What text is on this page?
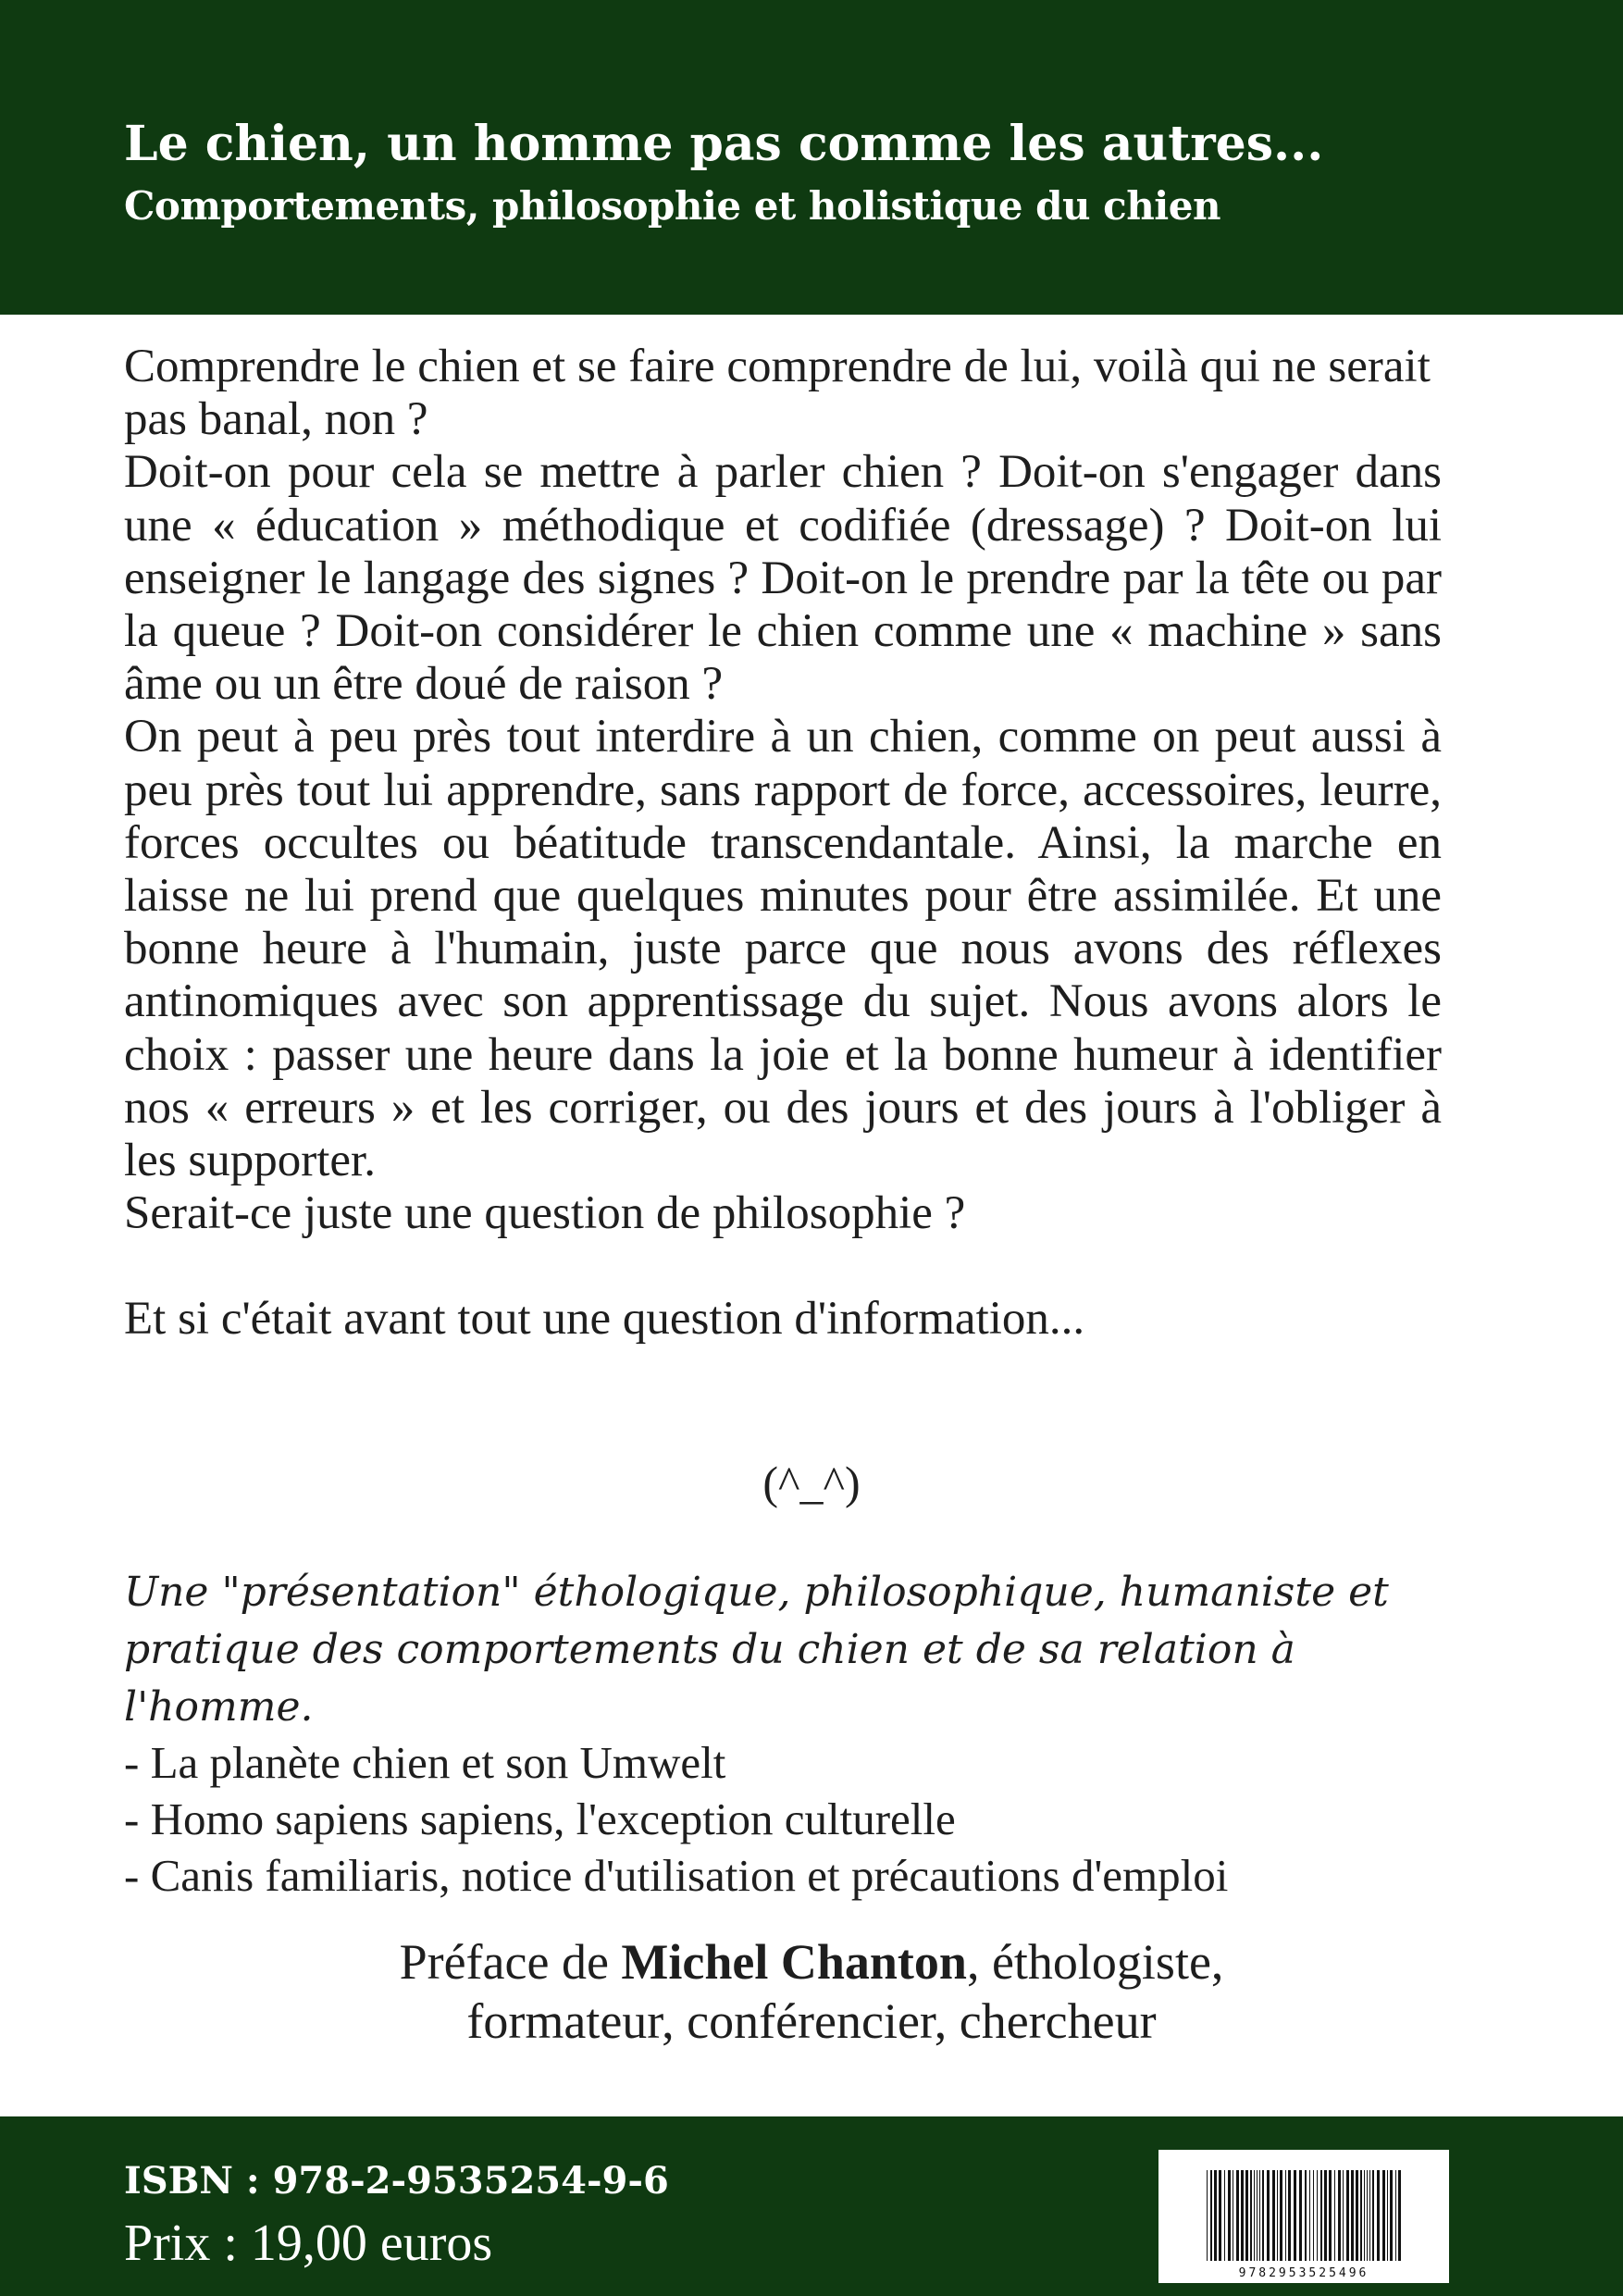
Le chien, un homme pas comme les autres...
Comportements, philosophie et holistique du chien

Comprendre le chien et se faire comprendre de lui, voilà qui ne serait pas banal, non ?

Doit-on pour cela se mettre à parler chien ? Doit-on s'engager dans une « éducation » méthodique et codifiée (dressage) ? Doit-on lui enseigner le langage des signes ? Doit-on le prendre par la tête ou par la queue ? Doit-on considérer le chien comme une « machine » sans âme ou un être doué de raison ?

On peut à peu près tout interdire à un chien, comme on peut aussi à peu près tout lui apprendre, sans rapport de force, accessoires, leurre, forces occultes ou béatitude transcendantale. Ainsi, la marche en laisse ne lui prend que quelques minutes pour être assimilée. Et une bonne heure à l'humain, juste parce que nous avons des réflexes antinomiques avec son apprentissage du sujet. Nous avons alors le choix : passer une heure dans la joie et la bonne humeur à identifier nos « erreurs » et les corriger, ou des jours et des jours à l'obliger à les supporter.

Serait-ce juste une question de philosophie ?

Et si c'était avant tout une question d'information...

(^_^)
Une "présentation" éthologique, philosophique, humaniste et pratique des comportements du chien et de sa relation à l'homme.
- La planète chien et son Umwelt
- Homo sapiens sapiens, l'exception culturelle
- Canis familiaris, notice d'utilisation et précautions d'emploi
Préface de Michel Chanton, éthologiste,
formateur, conférencier, chercheur

ISBN : 978-2-9535254-9-6

Prix : 19,00 euros

9782953525496
